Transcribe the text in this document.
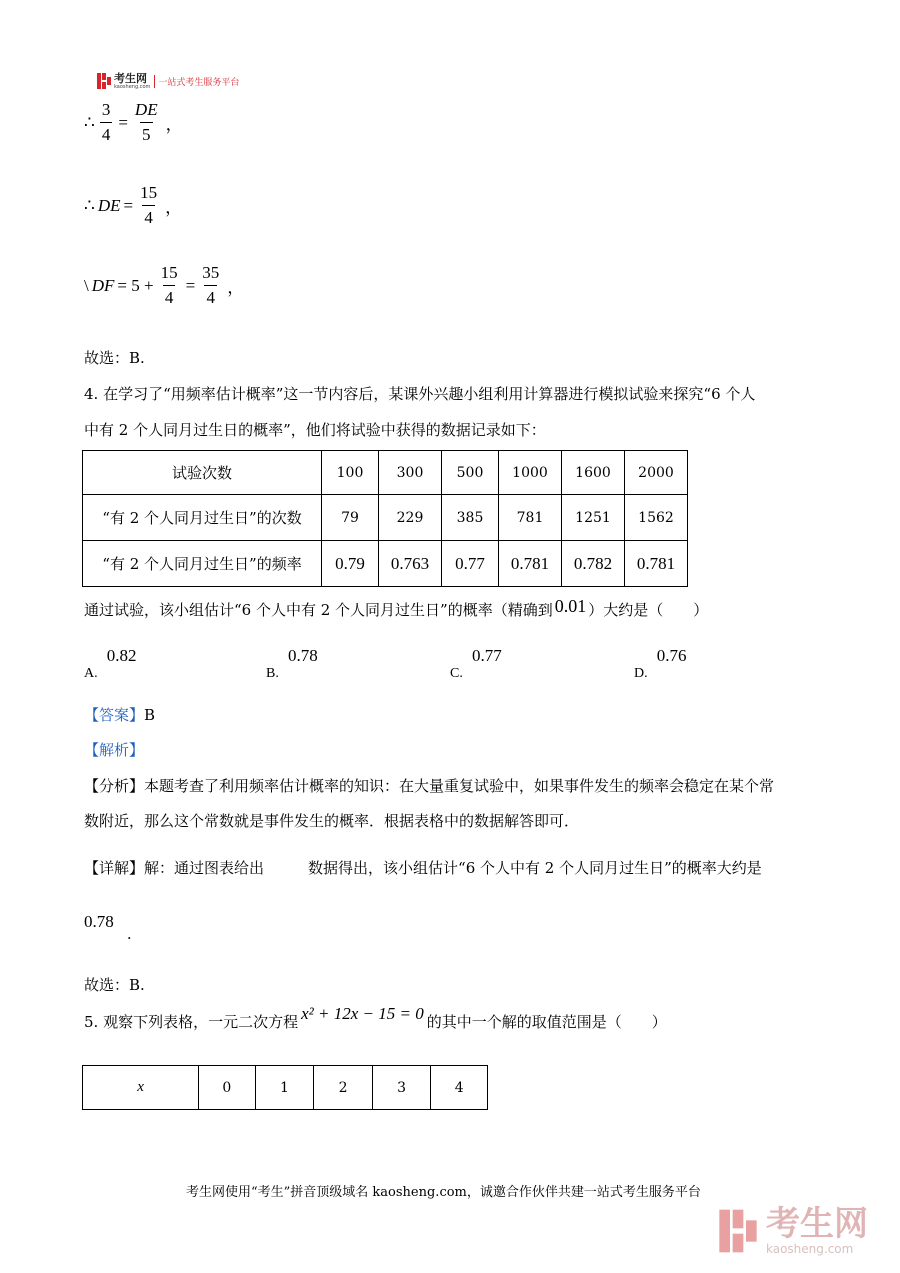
考生网
kaosheng.com 一站式考生服务平台
∴ $\frac{3}{4} = \frac{DE}{5}$ ，
∴ DE = $\frac{15}{4}$ ，
\ DF = $5 + \frac{15}{4} = \frac{35}{4}$ ，
故选：B.
4. 在学习了“用频率估计概率”这一节内容后，某课外兴趣小组利用计算器进行模拟试验来探究“6 个人
中有 2 个人同月过生日的概率”，他们将试验中获得的数据记录如下：
试验次数	100	300	500	1000	1600	2000
“有 2 个人同月过生日”的次数	79	229	385	781	1251	1562
“有 2 个人同月过生日”的频率	0.79	0.763	0.77	0.781	0.782	0.781
通过试验，该小组估计“6 个人中有 2 个人同月过生日”的概率（精确到 0.01 ）大约是（　　）
A. 0.82
B. 0.78
C. 0.77
D. 0.76
【答案】B
【解析】
【分析】本题考查了利用频率估计概率的知识：在大量重复试验中，如果事件发生的频率会稳定在某个常
数附近，那么这个常数就是事件发生的概率．根据表格中的数据解答即可．
【详解】解：通过图表给出	数据得出，该小组估计“6 个人中有 2 个人同月过生日”的概率大约是
0.78 .
故选：B.
5. 观察下列表格，一元二次方程 x² + 12x − 15 = 0 的其中一个解的取值范围是（　　）
x	0	1	2	3	4
考生网使用“考生”拼音顶级域名 kaosheng.com，诚邀合作伙伴共建一站式考生服务平台
考生网
kaosheng.com
